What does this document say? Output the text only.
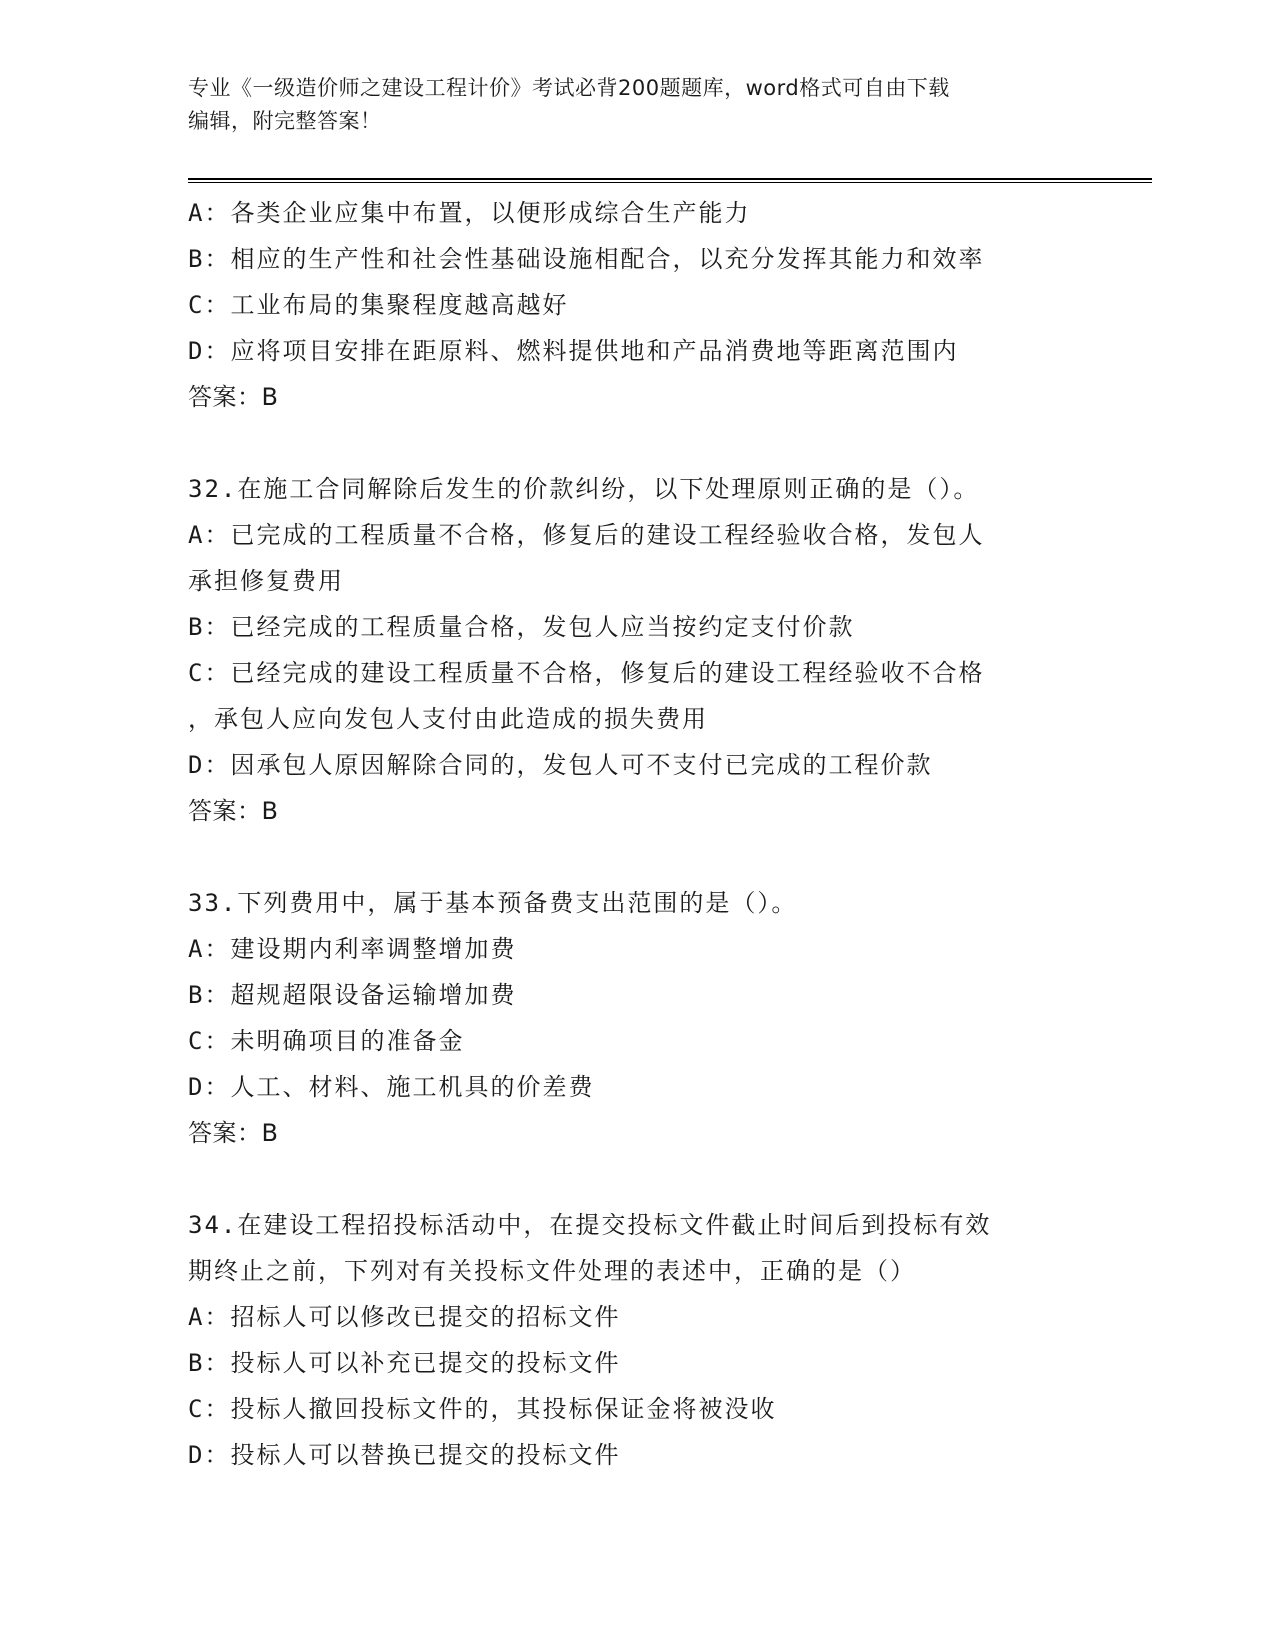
专业《一级造价师之建设工程计价》考试必背200题题库，word格式可自由下载
编辑，附完整答案！
A：各类企业应集中布置，以便形成综合生产能力
B：相应的生产性和社会性基础设施相配合，以充分发挥其能力和效率
C：工业布局的集聚程度越高越好
D：应将项目安排在距原料、燃料提供地和产品消费地等距离范围内
答案：B
32.在施工合同解除后发生的价款纠纷，以下处理原则正确的是（）。
A：已完成的工程质量不合格，修复后的建设工程经验收合格，发包人
承担修复费用
B：已经完成的工程质量合格，发包人应当按约定支付价款
C：已经完成的建设工程质量不合格，修复后的建设工程经验收不合格
，承包人应向发包人支付由此造成的损失费用
D：因承包人原因解除合同的，发包人可不支付已完成的工程价款
答案：B
33.下列费用中，属于基本预备费支出范围的是（）。
A：建设期内利率调整增加费
B：超规超限设备运输增加费
C：未明确项目的准备金
D：人工、材料、施工机具的价差费
答案：B
34.在建设工程招投标活动中，在提交投标文件截止时间后到投标有效
期终止之前，下列对有关投标文件处理的表述中，正确的是（）
A：招标人可以修改已提交的招标文件
B：投标人可以补充已提交的投标文件
C：投标人撤回投标文件的，其投标保证金将被没收
D：投标人可以替换已提交的投标文件
